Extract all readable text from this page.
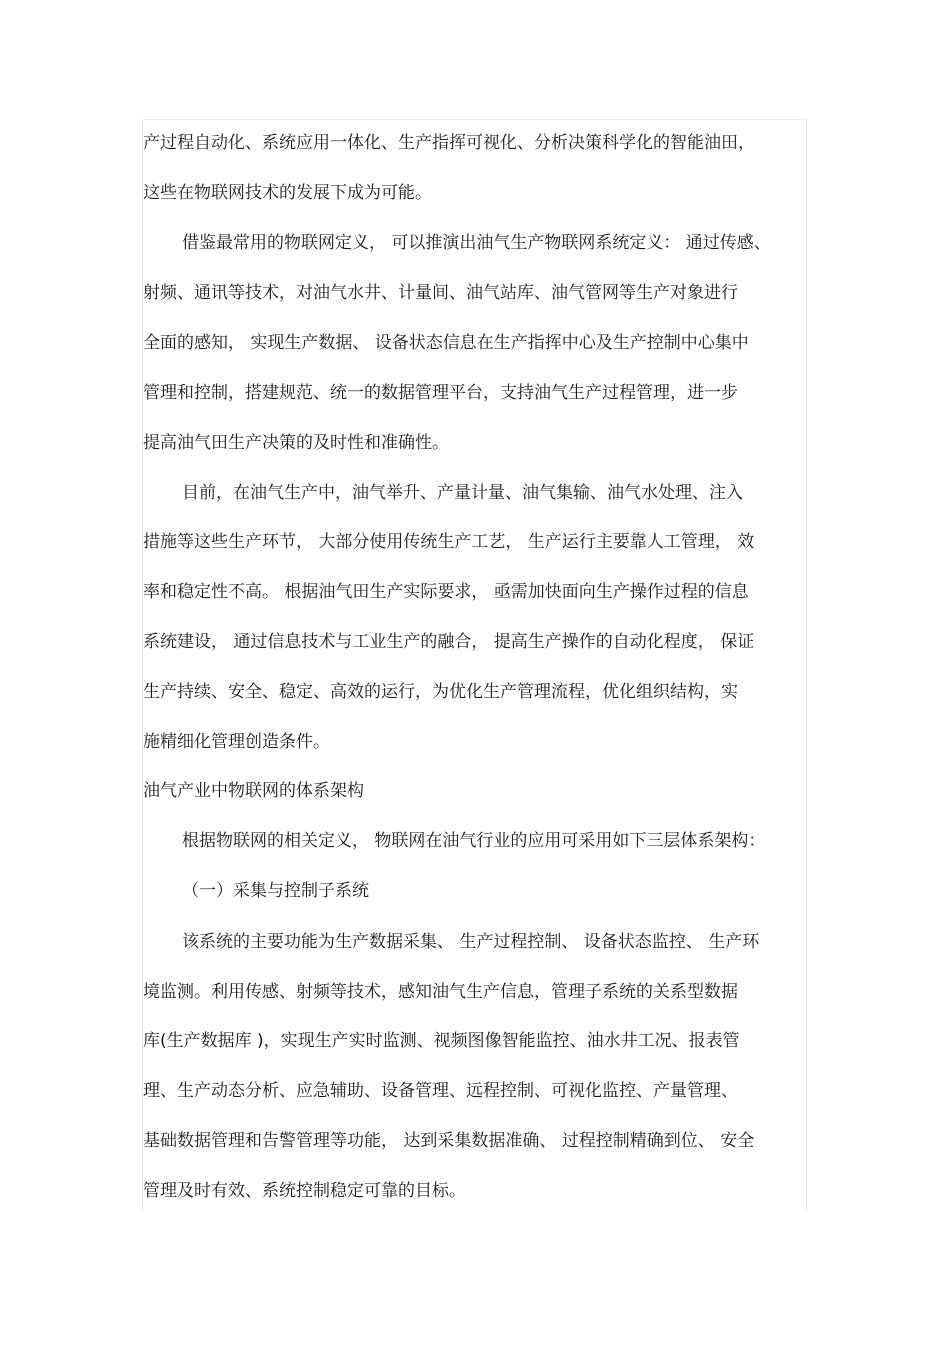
产过程自动化、系统应用一体化、生产指挥可视化、分析决策科学化的智能油田，
这些在物联网技术的发展下成为可能。
借鉴最常用的物联网定义， 可以推演出油气生产物联网系统定义： 通过传感、
射频、通讯等技术，对油气水井、计量间、油气站库、油气管网等生产对象进行
全面的感知， 实现生产数据、 设备状态信息在生产指挥中心及生产控制中心集中
管理和控制，搭建规范、统一的数据管理平台，支持油气生产过程管理，进一步
提高油气田生产决策的及时性和准确性。
目前，在油气生产中，油气举升、产量计量、油气集输、油气水处理、注入
措施等这些生产环节， 大部分使用传统生产工艺， 生产运行主要靠人工管理， 效
率和稳定性不高。 根据油气田生产实际要求， 亟需加快面向生产操作过程的信息
系统建设， 通过信息技术与工业生产的融合， 提高生产操作的自动化程度， 保证
生产持续、安全、稳定、高效的运行，为优化生产管理流程，优化组织结构，实
施精细化管理创造条件。
油气产业中物联网的体系架构
根据物联网的相关定义， 物联网在油气行业的应用可采用如下三层体系架构：
（一）采集与控制子系统
该系统的主要功能为生产数据采集、 生产过程控制、 设备状态监控、 生产环
境监测。利用传感、射频等技术，感知油气生产信息，管理子系统的关系型数据
库(生产数据库 )，实现生产实时监测、视频图像智能监控、油水井工况、报表管
理、生产动态分析、应急辅助、设备管理、远程控制、可视化监控、产量管理、
基础数据管理和告警管理等功能， 达到采集数据准确、 过程控制精确到位、 安全
管理及时有效、系统控制稳定可靠的目标。
